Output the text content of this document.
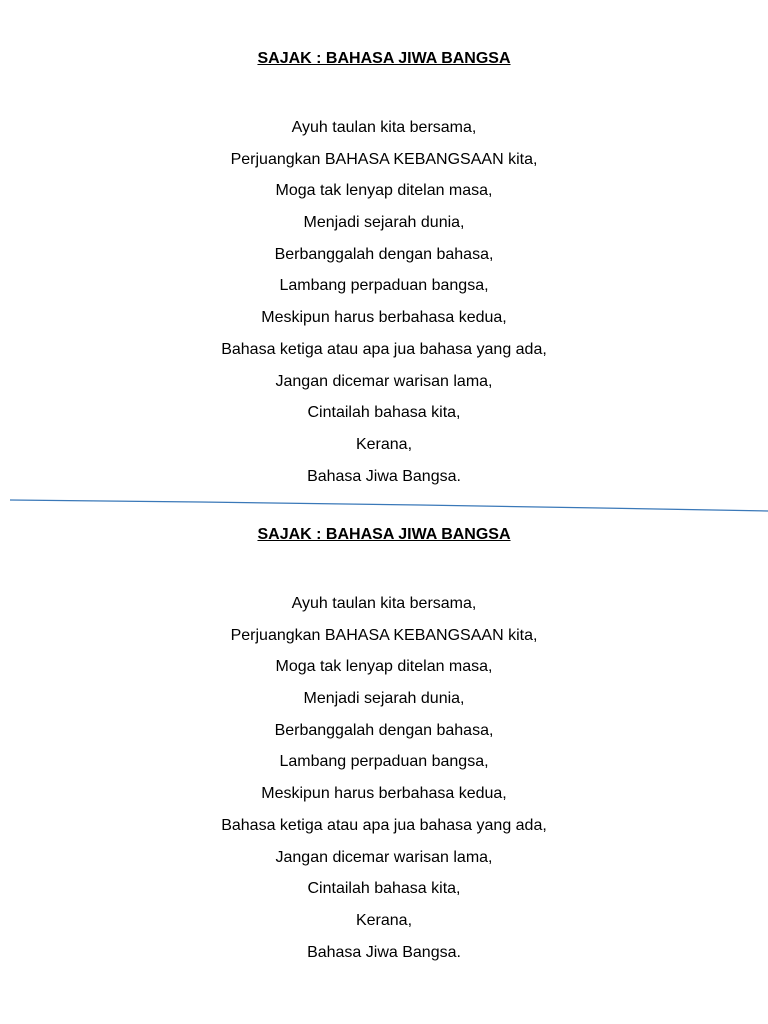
SAJAK : BAHASA JIWA BANGSA
Ayuh taulan kita bersama,
Perjuangkan BAHASA KEBANGSAAN kita,
Moga tak lenyap ditelan masa,
Menjadi sejarah dunia,
Berbanggalah dengan bahasa,
Lambang perpaduan bangsa,
Meskipun harus berbahasa kedua,
Bahasa ketiga atau apa jua bahasa yang ada,
Jangan dicemar warisan lama,
Cintailah bahasa kita,
Kerana,
Bahasa Jiwa Bangsa.
SAJAK : BAHASA JIWA BANGSA
Ayuh taulan kita bersama,
Perjuangkan BAHASA KEBANGSAAN kita,
Moga tak lenyap ditelan masa,
Menjadi sejarah dunia,
Berbanggalah dengan bahasa,
Lambang perpaduan bangsa,
Meskipun harus berbahasa kedua,
Bahasa ketiga atau apa jua bahasa yang ada,
Jangan dicemar warisan lama,
Cintailah bahasa kita,
Kerana,
Bahasa Jiwa Bangsa.
